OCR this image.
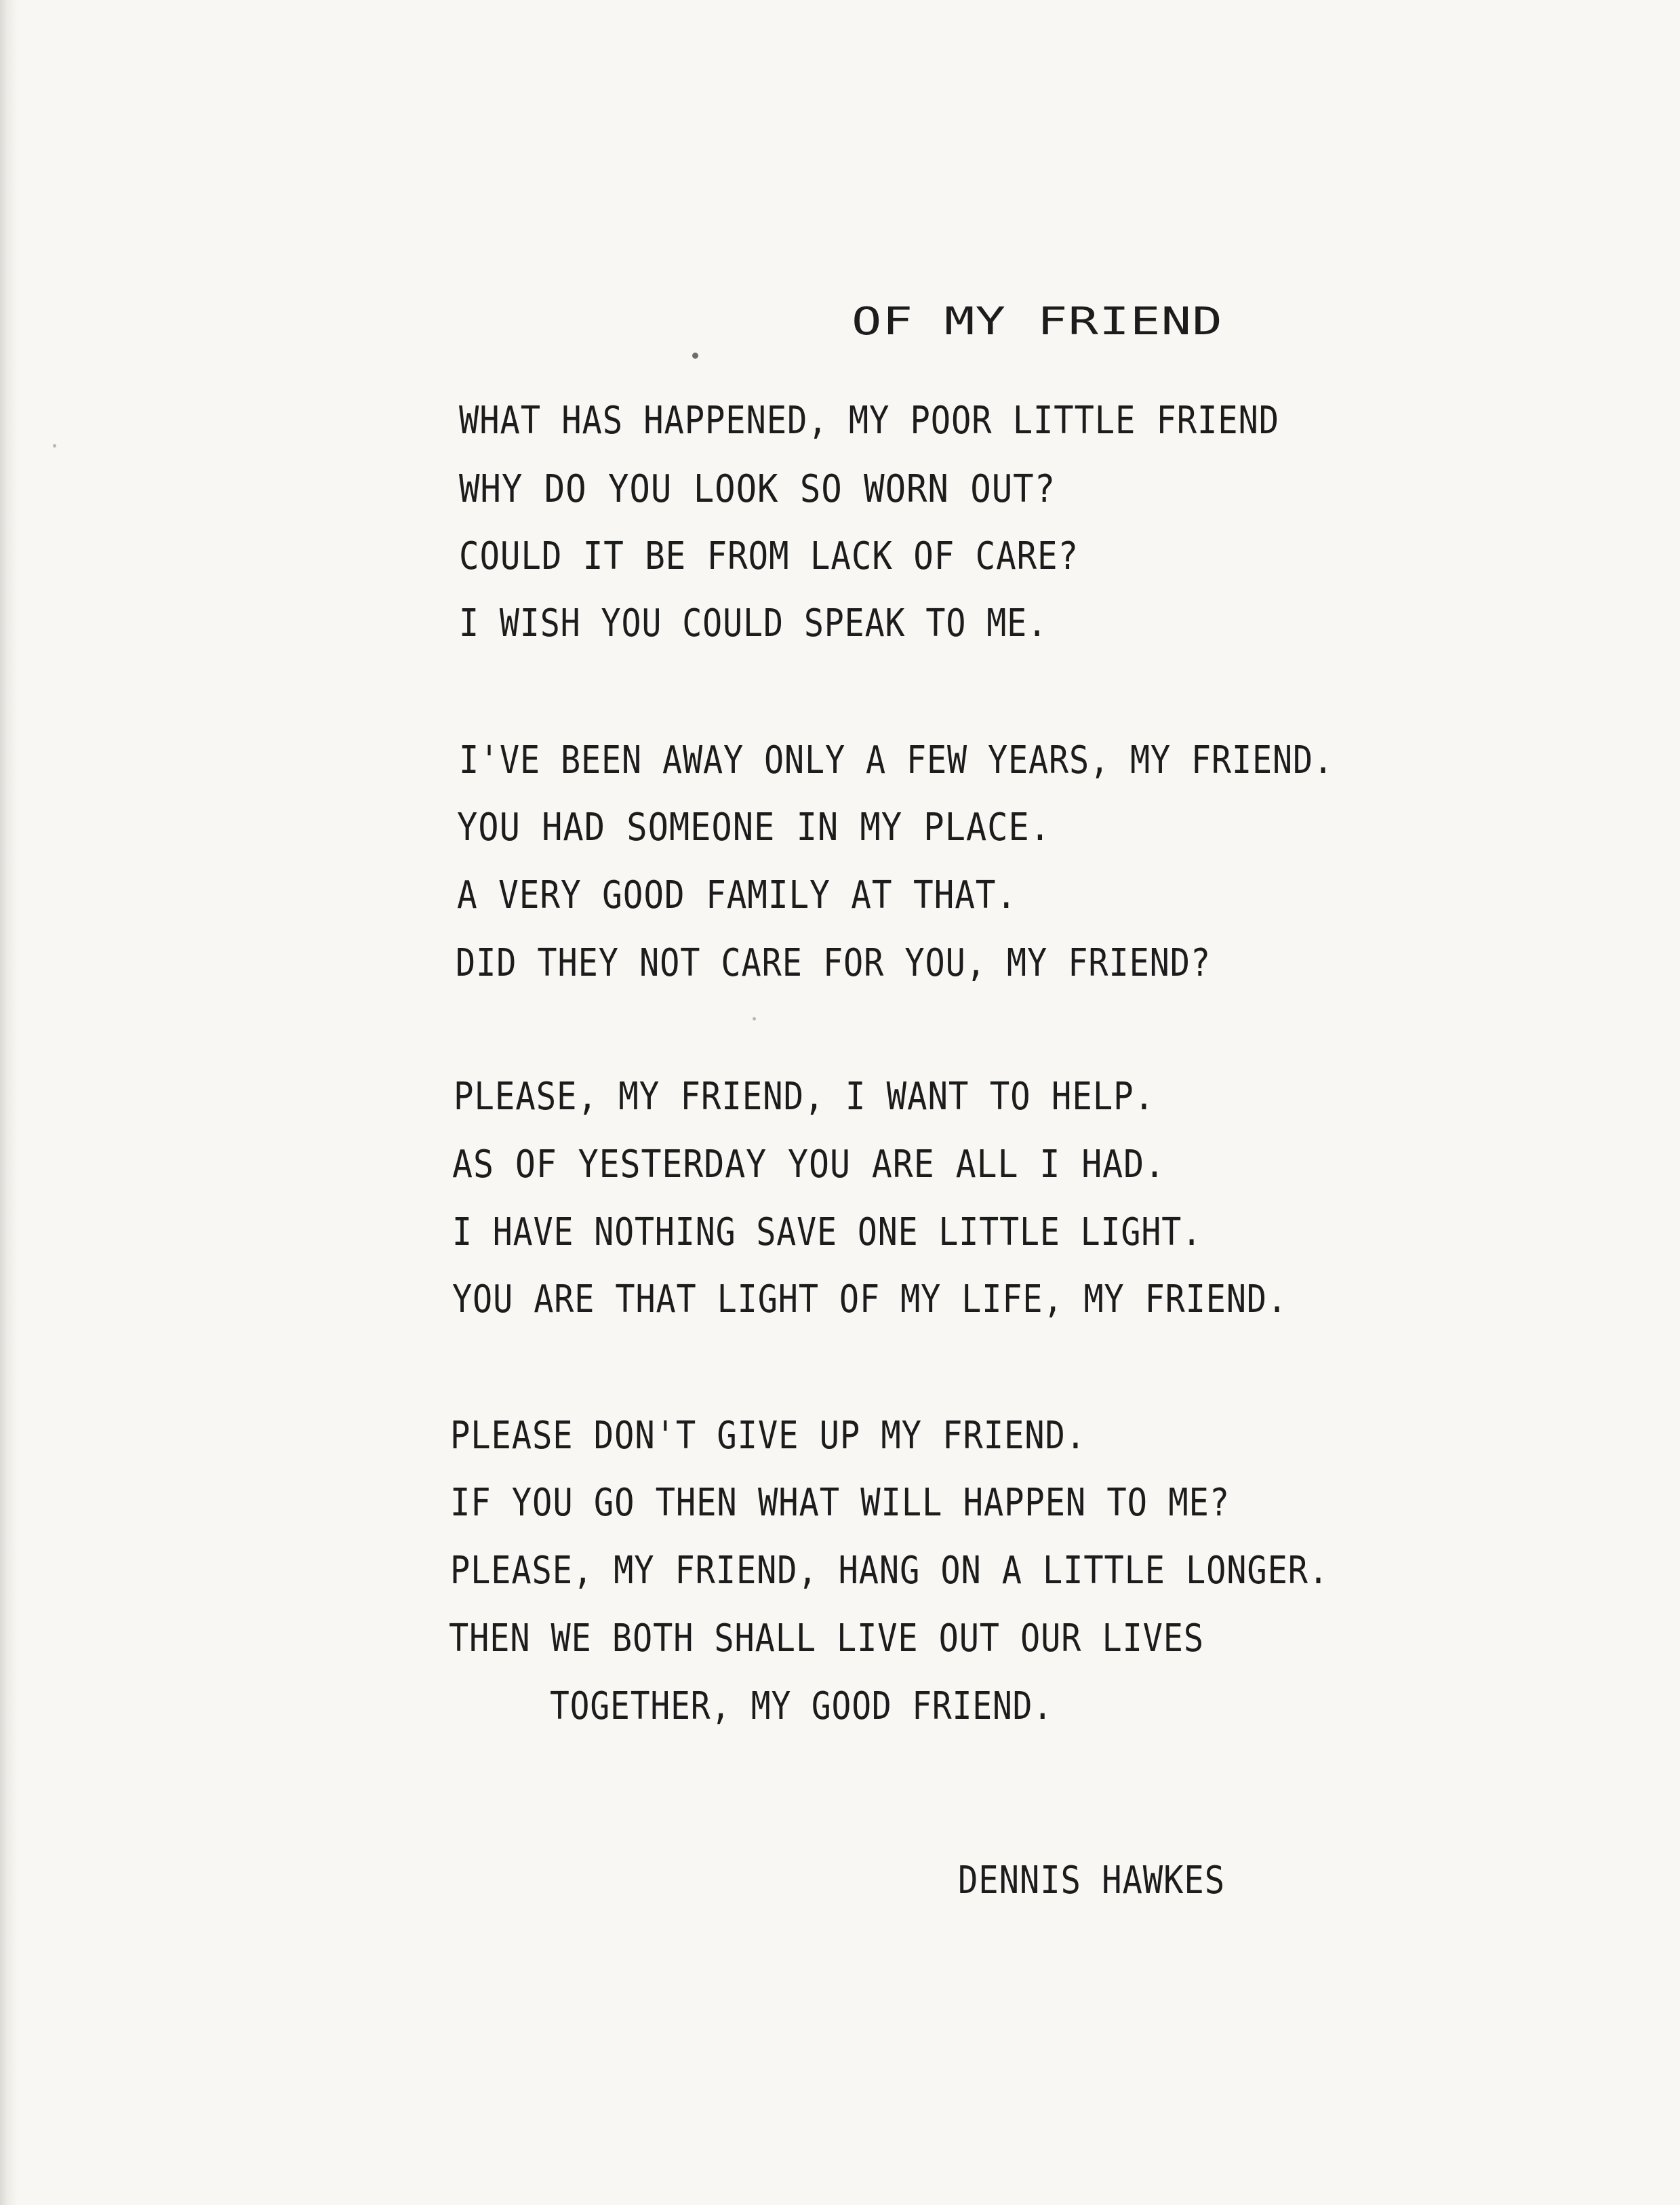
OF MY FRIEND
WHAT HAS HAPPENED, MY POOR LITTLE FRIEND
WHY DO YOU LOOK SO WORN OUT?
COULD IT BE FROM LACK OF CARE?
I WISH YOU COULD SPEAK TO ME.
I'VE BEEN AWAY ONLY A FEW YEARS, MY FRIEND.
YOU HAD SOMEONE IN MY PLACE.
A VERY GOOD FAMILY AT THAT.
DID THEY NOT CARE FOR YOU, MY FRIEND?
PLEASE, MY FRIEND, I WANT TO HELP.
AS OF YESTERDAY YOU ARE ALL I HAD.
I HAVE NOTHING SAVE ONE LITTLE LIGHT.
YOU ARE THAT LIGHT OF MY LIFE, MY FRIEND.
PLEASE DON'T GIVE UP MY FRIEND.
IF YOU GO THEN WHAT WILL HAPPEN TO ME?
PLEASE, MY FRIEND, HANG ON A LITTLE LONGER.
THEN WE BOTH SHALL LIVE OUT OUR LIVES
TOGETHER, MY GOOD FRIEND.
DENNIS HAWKES
